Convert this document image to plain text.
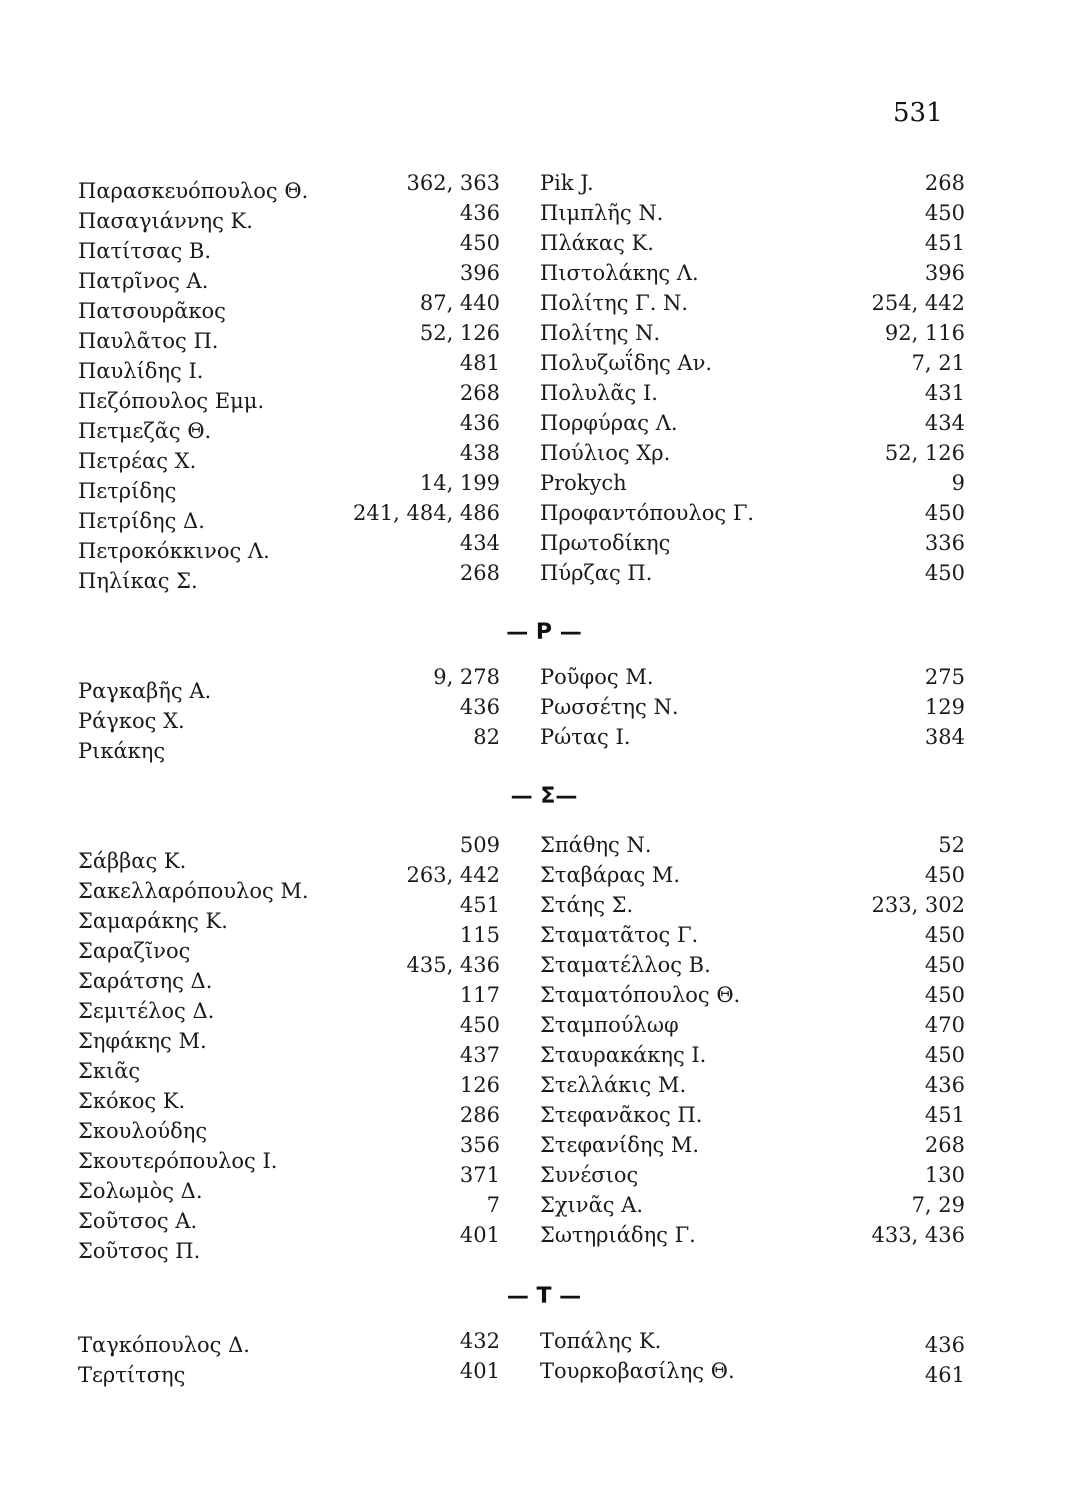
531
Παρασκευόπουλος Θ.
Πασαγιάννης Κ.
Πατίτσας Β.
Πατρῖνος Α.
Πατσουρᾶκος
Παυλᾶτος Π.
Παυλίδης Ι.
Πεζόπουλος Εμμ.
Πετμεζᾶς Θ.
Πετρέας Χ.
Πετρίδης
Πετρίδης Δ.
Πετροκόκκινος Λ.
Πηλίκας Σ.
362, 363
436
450
396
87, 440
52, 126
481
268
436
438
14, 199
241, 484, 486
434
268
Pik J.
Πιμπλῆς Ν.
Πλάκας Κ.
Πιστολάκης Λ.
Πολίτης Γ. Ν.
Πολίτης Ν.
Πολυζωΐδης Αν.
Πολυλᾶς Ι.
Πορφύρας Λ.
Πούλιος Χρ.
Prokych
Προφαντόπουλος Γ.
Πρωτοδίκης
Πύρζας Π.
268
450
451
396
254, 442
92, 116
7, 21
431
434
52, 126
9
450
336
450
— Ρ —
Ραγκαβῆς Α.
Ράγκος Χ.
Ρικάκης
9, 278
436
82
Ροῦφος Μ.
Ρωσσέτης Ν.
Ρώτας Ι.
275
129
384
— Σ—
Σάββας Κ.
Σακελλαρόπουλος Μ.
Σαμαράκης Κ.
Σαραζῖνος
Σαράτσης Δ.
Σεμιτέλος Δ.
Σηφάκης Μ.
Σκιᾶς
Σκόκος Κ.
Σκουλούδης
Σκουτερόπουλος Ι.
Σολωμὸς Δ.
Σοῦτσος Α.
Σοῦτσος Π.
509
263, 442
451
115
435, 436
117
450
437
126
286
356
371
7
401
Σπάθης Ν.
Σταβάρας Μ.
Στάης Σ.
Σταματᾶτος Γ.
Σταματέλλος Β.
Σταματόπουλος Θ.
Σταμπούλωφ
Σταυρακάκης Ι.
Στελλάκις Μ.
Στεφανᾶκος Π.
Στεφανίδης Μ.
Συνέσιος
Σχινᾶς Α.
Σωτηριάδης Γ.
52
450
233, 302
450
450
450
470
450
436
451
268
130
7, 29
433, 436
— Τ —
Ταγκόπουλος Δ.
Τερτίτσης
432
401
Τοπάλης Κ.
Τουρκοβασίλης Θ.
436
461
